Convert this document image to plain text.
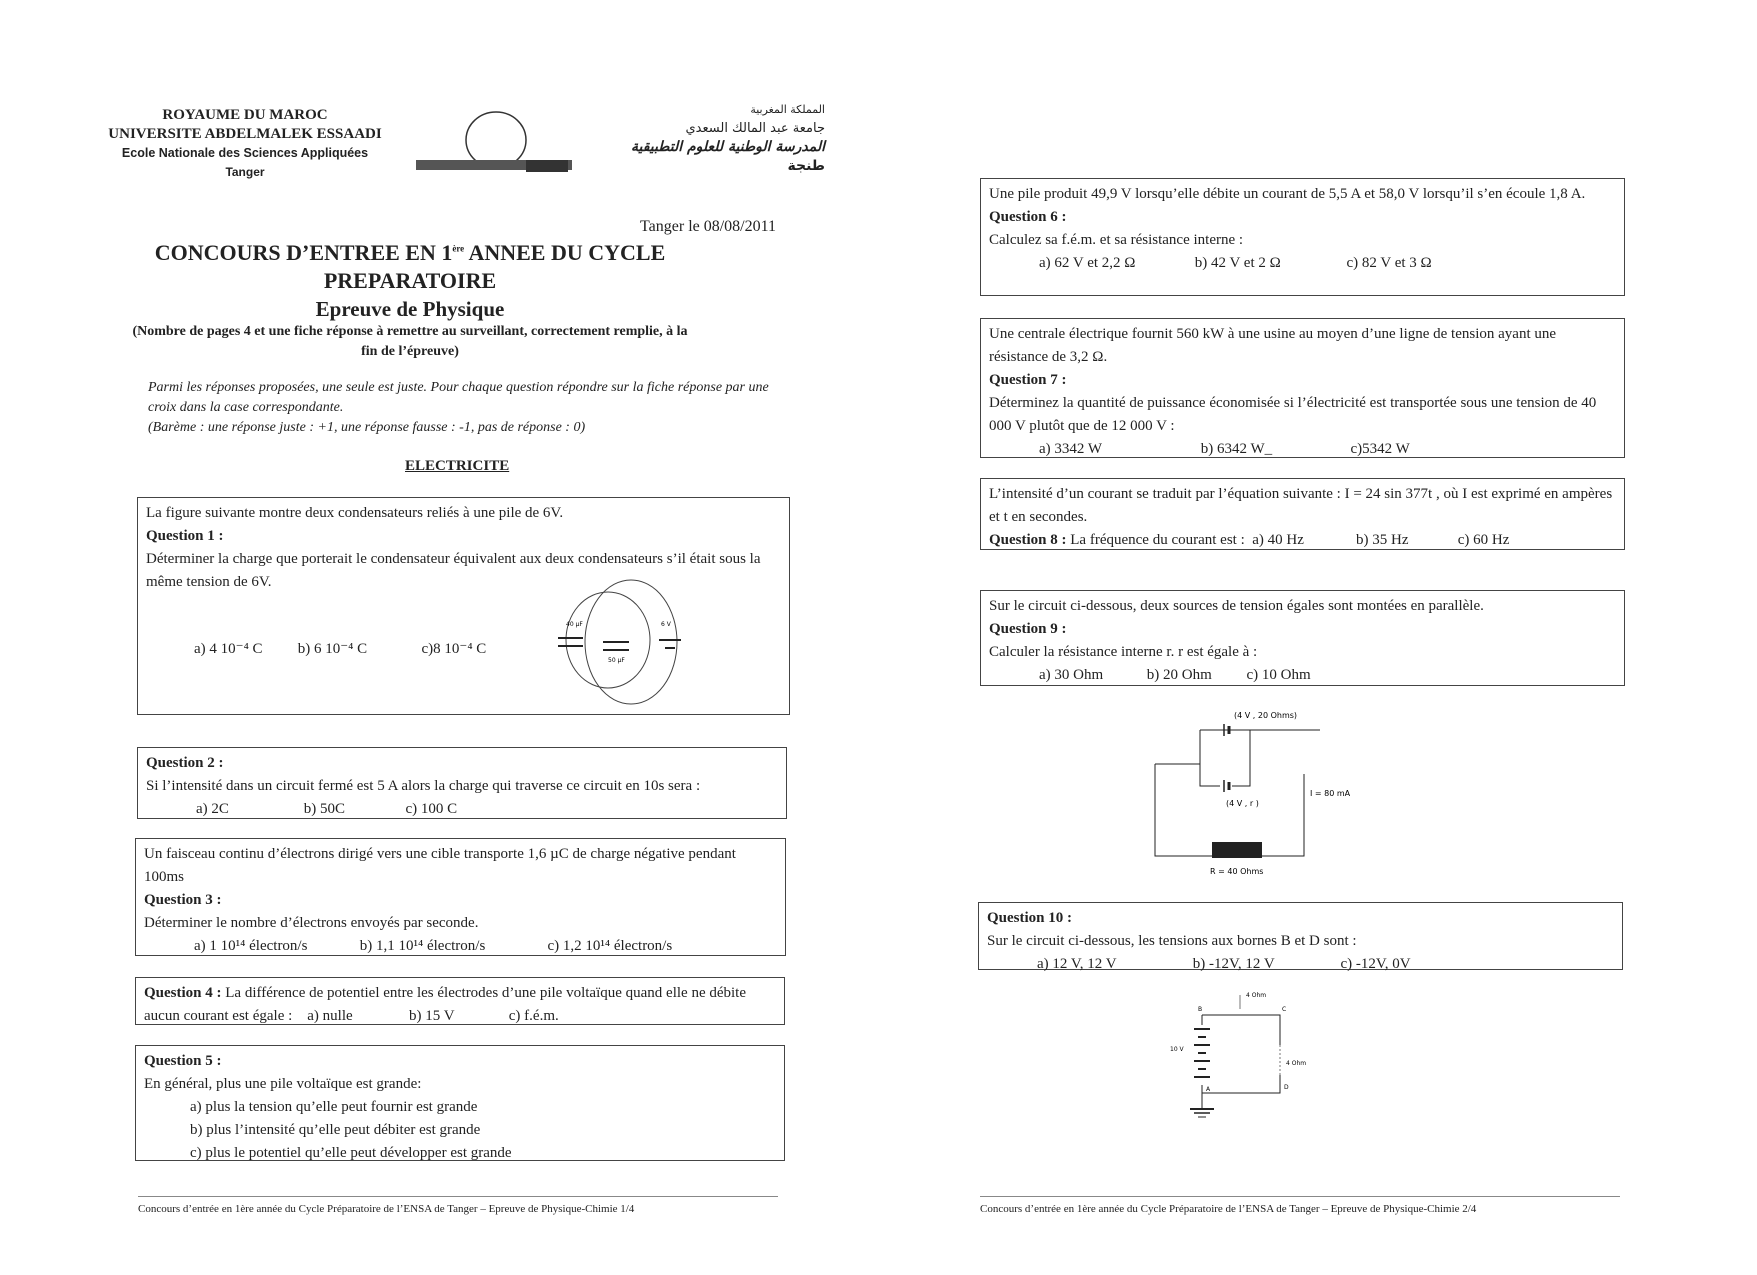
ROYAUME DU MAROC
UNIVERSITE ABDELMALEK ESSAADI
Ecole Nationale des Sciences Appliquées
Tanger
المملكة المغربية
جامعة عبد المالك السعدي
المدرسة الوطنية للعلوم التطبيقية
طنجة
Tanger le 08/08/2011
CONCOURS D’ENTREE EN 1ère ANNEE DU CYCLE
PREPARATOIRE
Epreuve de Physique
(Nombre de pages 4 et une fiche réponse à remettre au surveillant, correctement remplie, à la fin de l’épreuve)
Parmi les réponses proposées, une seule est juste. Pour chaque question répondre sur la fiche réponse par une croix dans la case correspondante.
(Barème : une réponse juste : +1, une réponse fausse : -1, pas de réponse : 0)
ELECTRICITE
La figure suivante montre deux condensateurs reliés à une pile de 6V.
Question 1 :
Déterminer la charge que porterait le condensateur équivalent aux deux condensateurs s’il était sous la même tension de 6V.
a) 4 10⁻⁴ C b) 6 10⁻⁴ C	c)8 10⁻⁴ C
40 µF
50 µF
6 V
Question 2 :
Si l’intensité dans un circuit fermé est 5 A alors la charge qui traverse ce circuit en 10s sera :
a) 2C	b) 50C	c) 100 C
Un faisceau continu d’électrons dirigé vers une cible transporte 1,6 µC de charge négative pendant 100ms
Question 3 :
Déterminer le nombre d’électrons envoyés par seconde.
a) 1 10¹⁴ électron/s	b) 1,1 10¹⁴ électron/s	c) 1,2 10¹⁴ électron/s
Question 4 : La différence de potentiel entre les électrodes d’une pile voltaïque quand elle ne débite aucun courant est égale : a) nulle	b) 15 V	c) f.é.m.
Question 5 :
En général, plus une pile voltaïque est grande:
a) plus la tension qu’elle peut fournir est grande
b) plus l’intensité qu’elle peut débiter est grande
c) plus le potentiel qu’elle peut développer est grande
Concours d’entrée en 1ère année du Cycle Préparatoire de l’ENSA de Tanger – Epreuve de Physique-Chimie 1/4
Une pile produit 49,9 V lorsqu’elle débite un courant de 5,5 A et 58,0 V lorsqu’il s’en écoule 1,8 A.
Question 6 :
Calculez sa f.é.m. et sa résistance interne :
a) 62 V et 2,2 Ω	b) 42 V et 2 Ω	c) 82 V et 3 Ω
Une centrale électrique fournit 560 kW à une usine au moyen d’une ligne de tension ayant une résistance de 3,2 Ω.
Question 7 :
Déterminez la quantité de puissance économisée si l’électricité est transportée sous une tension de 40 000 V plutôt que de 12 000 V :
a) 3342 W	b) 6342 W_	c)5342 W
L’intensité d’un courant se traduit par l’équation suivante : I = 24 sin 377t , où I est exprimé en ampères et t en secondes.
Question 8 : La fréquence du courant est : a) 40 Hz	b) 35 Hz	c) 60 Hz
Sur le circuit ci-dessous, deux sources de tension égales sont montées en parallèle.
Question 9 :
Calculer la résistance interne r. r est égale à :
a) 30 Ohm	b) 20 Ohm c) 10 Ohm
(4 V , 20 Ohms)
(4 V , r )
I = 80 mA
R = 40 Ohms
Question 10 :
Sur le circuit ci-dessous, les tensions aux bornes B et D sont :
a) 12 V, 12 V	b) -12V, 12 V	c) -12V, 0V
4 Ohm
4 Ohm
10 V
B	C
A	D
Concours d’entrée en 1ère année du Cycle Préparatoire de l’ENSA de Tanger – Epreuve de Physique-Chimie 2/4
